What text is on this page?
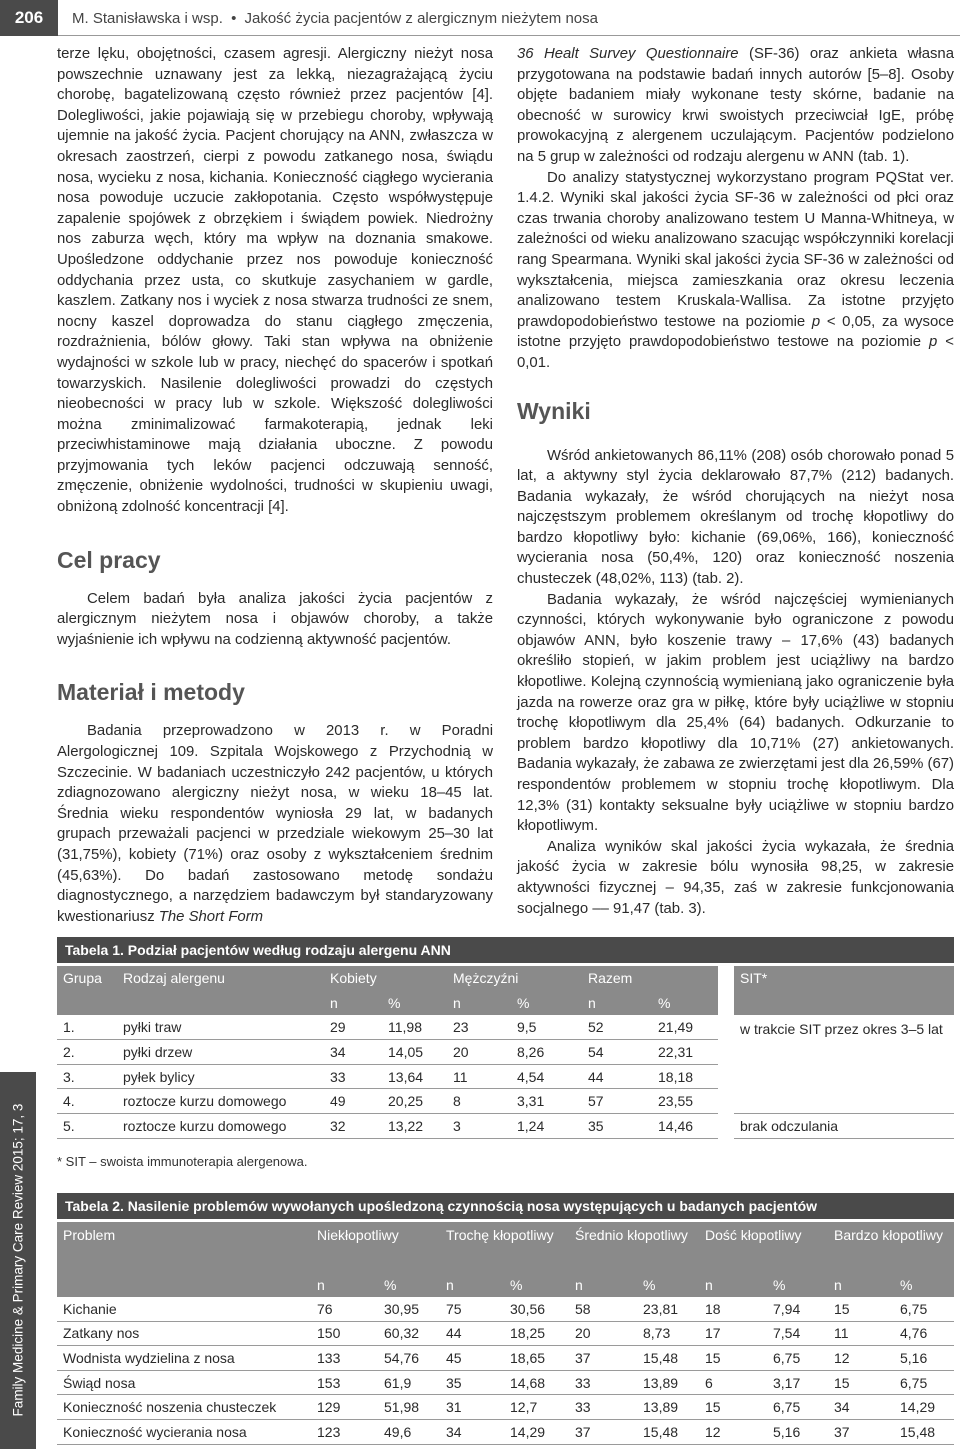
206	M. Stanisławska i wsp. • Jakość życia pacjentów z alergicznym nieżytem nosa
Family Medicine & Primary Care Review 2015; 17, 3

terze lęku, obojętności, czasem agresji. Alergiczny nieżyt nosa powszechnie uznawany jest za lekką, niezagrażającą życiu chorobę, bagatelizowaną często również przez pacjentów [4]. Dolegliwości, jakie pojawiają się w przebiegu choroby, wpływają ujemnie na jakość życia. Pacjent chorujący na ANN, zwłaszcza w okresach zaostrzeń, cierpi z powodu zatkanego nosa, świądu nosa, wycieku z nosa, kichania. Konieczność ciągłego wycierania nosa powoduje uczucie zakłopotania. Często współwystępuje zapalenie spojówek z obrzękiem i świądem powiek. Niedrożny nos zaburza węch, który ma wpływ na doznania smakowe. Upośledzone oddychanie przez nos powoduje konieczność oddychania przez usta, co skutkuje zasychaniem w gardle, kaszlem. Zatkany nos i wyciek z nosa stwarza trudności ze snem, nocny kaszel doprowadza do stanu ciągłego zmęczenia, rozdrażnienia, bólów głowy. Taki stan wpływa na obniżenie wydajności w szkole lub w pracy, niechęć do spacerów i spotkań towarzyskich. Nasilenie dolegliwości prowadzi do częstych nieobecności w pracy lub w szkole. Większość dolegliwości można zminimalizować farmakoterapią, jednak leki przeciwhistaminowe mają działania uboczne. Z powodu przyjmowania tych leków pacjenci odczuwają senność, zmęczenie, obniżenie wydolności, trudności w skupieniu uwagi, obniżoną zdolność koncentracji [4].

Cel pracy

Celem badań była analiza jakości życia pacjentów z alergicznym nieżytem nosa i objawów choroby, a także wyjaśnienie ich wpływu na codzienną aktywność pacjentów.

Materiał i metody

Badania przeprowadzono w 2013 r. w Poradni Alergologicznej 109. Szpitala Wojskowego z Przychodnią w Szczecinie. W badaniach uczestniczyło 242 pacjentów, u których zdiagnozowano alergiczny nieżyt nosa, w wieku 18–45 lat. Średnia wieku respondentów wyniosła 29 lat, w badanych grupach przeważali pacjenci w przedziale wiekowym 25–30 lat (31,75%), kobiety (71%) oraz osoby z wykształceniem średnim (45,63%). Do badań zastosowano metodę sondażu diagnostycznego, a narzędziem badawczym był standaryzowany kwestionariusz The Short Form

36 Healt Survey Questionnaire (SF-36) oraz ankieta własna przygotowana na podstawie badań innych autorów [5–8]. Osoby objęte badaniem miały wykonane testy skórne, badanie na obecność w surowicy krwi swoistych przeciwciał IgE, próbę prowokacyjną z alergenem uczulającym. Pacjentów podzielono na 5 grup w zależności od rodzaju alergenu w ANN (tab. 1).

Do analizy statystycznej wykorzystano program PQStat ver. 1.4.2. Wyniki skal jakości życia SF-36 w zależności od płci oraz czas trwania choroby analizowano testem U Manna-Whitneya, w zależności od wieku analizowano szacując współczynniki korelacji rang Spearmana. Wyniki skal jakości życia SF-36 w zależności od wykształcenia, miejsca zamieszkania oraz okresu leczenia analizowano testem Kruskala-Wallisa. Za istotne przyjęto prawdopodobieństwo testowe na poziomie p < 0,05, za wysoce istotne przyjęto prawdopodobieństwo testowe na poziomie p < 0,01.

Wyniki

Wśród ankietowanych 86,11% (208) osób chorowało ponad 5 lat, a aktywny styl życia deklarowało 87,7% (212) badanych. Badania wykazały, że wśród chorujących na nieżyt nosa najczęstszym problemem określanym od trochę kłopotliwy do bardzo kłopotliwy było: kichanie (69,06%, 166), konieczność wycierania nosa (50,4%, 120) oraz konieczność noszenia chusteczek (48,02%, 113) (tab. 2).

Badania wykazały, że wśród najczęściej wymienianych czynności, których wykonywanie było ograniczone z powodu objawów ANN, było koszenie trawy – 17,6% (43) badanych określiło stopień, w jakim problem jest uciążliwy na bardzo kłopotliwe. Kolejną czynnością wymienianą jako ograniczenie była jazda na rowerze oraz gra w piłkę, które były uciążliwe w stopniu trochę kłopotliwym dla 25,4% (64) badanych. Odkurzanie to problem bardzo kłopotliwy dla 10,71% (27) ankietowanych. Badania wykazały, że zabawa ze zwierzętami jest dla 26,59% (67) respondentów problemem w stopniu trochę kłopotliwym. Dla 12,3% (31) kontakty seksualne były uciążliwe w stopniu bardzo kłopotliwym.

Analiza wyników skal jakości życia wykazała, że średnia jakość życia w zakresie bólu wynosiła 98,25, w zakresie aktywności fizycznej – 94,35, zaś w zakresie funkcjonowania socjalnego –– 91,47 (tab. 3).

Tabela 1. Podział pacjentów według rodzaju alergenu ANN
Grupa	Rodzaj alergenu	Kobiety		Mężczyźni		Razem			SIT*
		n	%	n	%	n	%		
1.	pyłki traw	29	11,98	23	9,5	52	21,49		w trakcie SIT przez okres 3–5 lat
2.	pyłki drzew	34	14,05	20	8,26	54	22,31		
3.	pyłek bylicy	33	13,64	11	4,54	44	18,18		
4.	roztocze kurzu domowego	49	20,25	8	3,31	57	23,55		
5.	roztocze kurzu domowego	32	13,22	3	1,24	35	14,46		brak odczulania
* SIT – swoista immunoterapia alergenowa.
Tabela 2. Nasilenie problemów wywołanych upośledzoną czynnością nosa występujących u badanych pacjentów
Problem	Niekłopotliwy		Trochę kłopotliwy		Średnio kłopotliwy		Dość kłopotliwy		Bardzo kłopotliwy	
	n	%	n	%	n	%	n	%	n	%
Kichanie	76	30,95	75	30,56	58	23,81	18	7,94	15	6,75
Zatkany nos	150	60,32	44	18,25	20	8,73	17	7,54	11	4,76
Wodnista wydzielina z nosa	133	54,76	45	18,65	37	15,48	15	6,75	12	5,16
Świąd nosa	153	61,9	35	14,68	33	13,89	6	3,17	15	6,75
Konieczność noszenia chusteczek	129	51,98	31	12,7	33	13,89	15	6,75	34	14,29
Konieczność wycierania nosa	123	49,6	34	14,29	37	15,48	12	5,16	37	15,48
